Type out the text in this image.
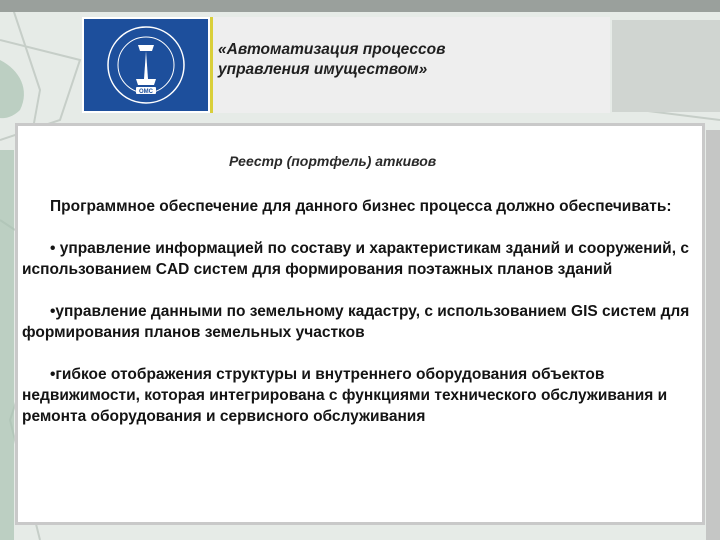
ОМС
«Автоматизация процессов управления имуществом»
Реестр (портфель) аткивов

Программное обеспечение для данного бизнес процесса должно обеспечивать:

• управление информацией по составу и характеристикам зданий и сооружений, с использованием CAD систем для формирования поэтажных планов зданий

•управление данными по земельному кадастру, с использованием GIS систем для формирования планов земельных участков

•гибкое отображения структуры и внутреннего оборудования объектов недвижимости, которая интегрирована с функциями технического обслуживания и ремонта оборудования и сервисного обслуживания
